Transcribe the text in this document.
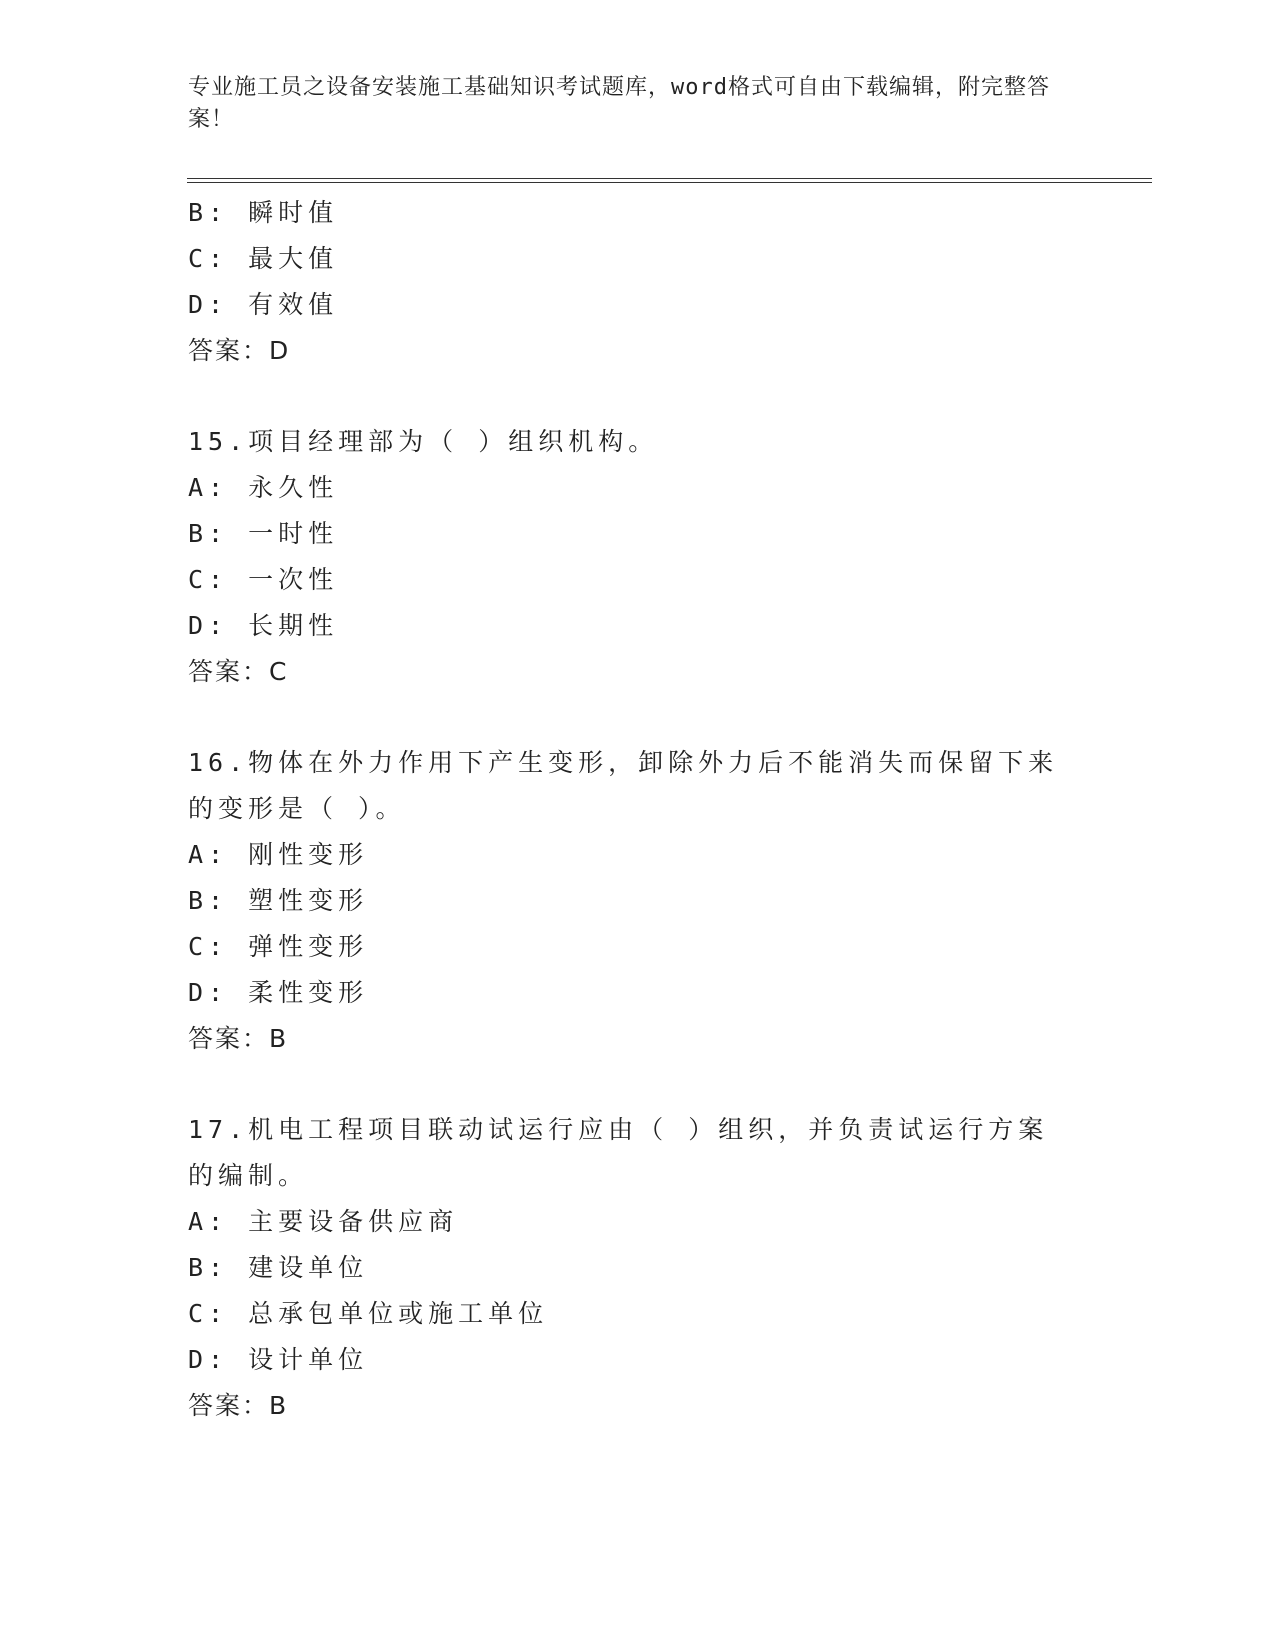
专业施工员之设备安装施工基础知识考试题库，word格式可自由下载编辑，附完整答案！
B: 瞬时值
C: 最大值
D: 有效值
答案：D
15.项目经理部为（ ）组织机构。
A: 永久性
B: 一时性
C: 一次性
D: 长期性
答案：C
16.物体在外力作用下产生变形，卸除外力后不能消失而保留下来的变形是（ ）。
A: 刚性变形
B: 塑性变形
C: 弹性变形
D: 柔性变形
答案：B
17.机电工程项目联动试运行应由（ ）组织，并负责试运行方案的编制。
A: 主要设备供应商
B: 建设单位
C: 总承包单位或施工单位
D: 设计单位
答案：B
